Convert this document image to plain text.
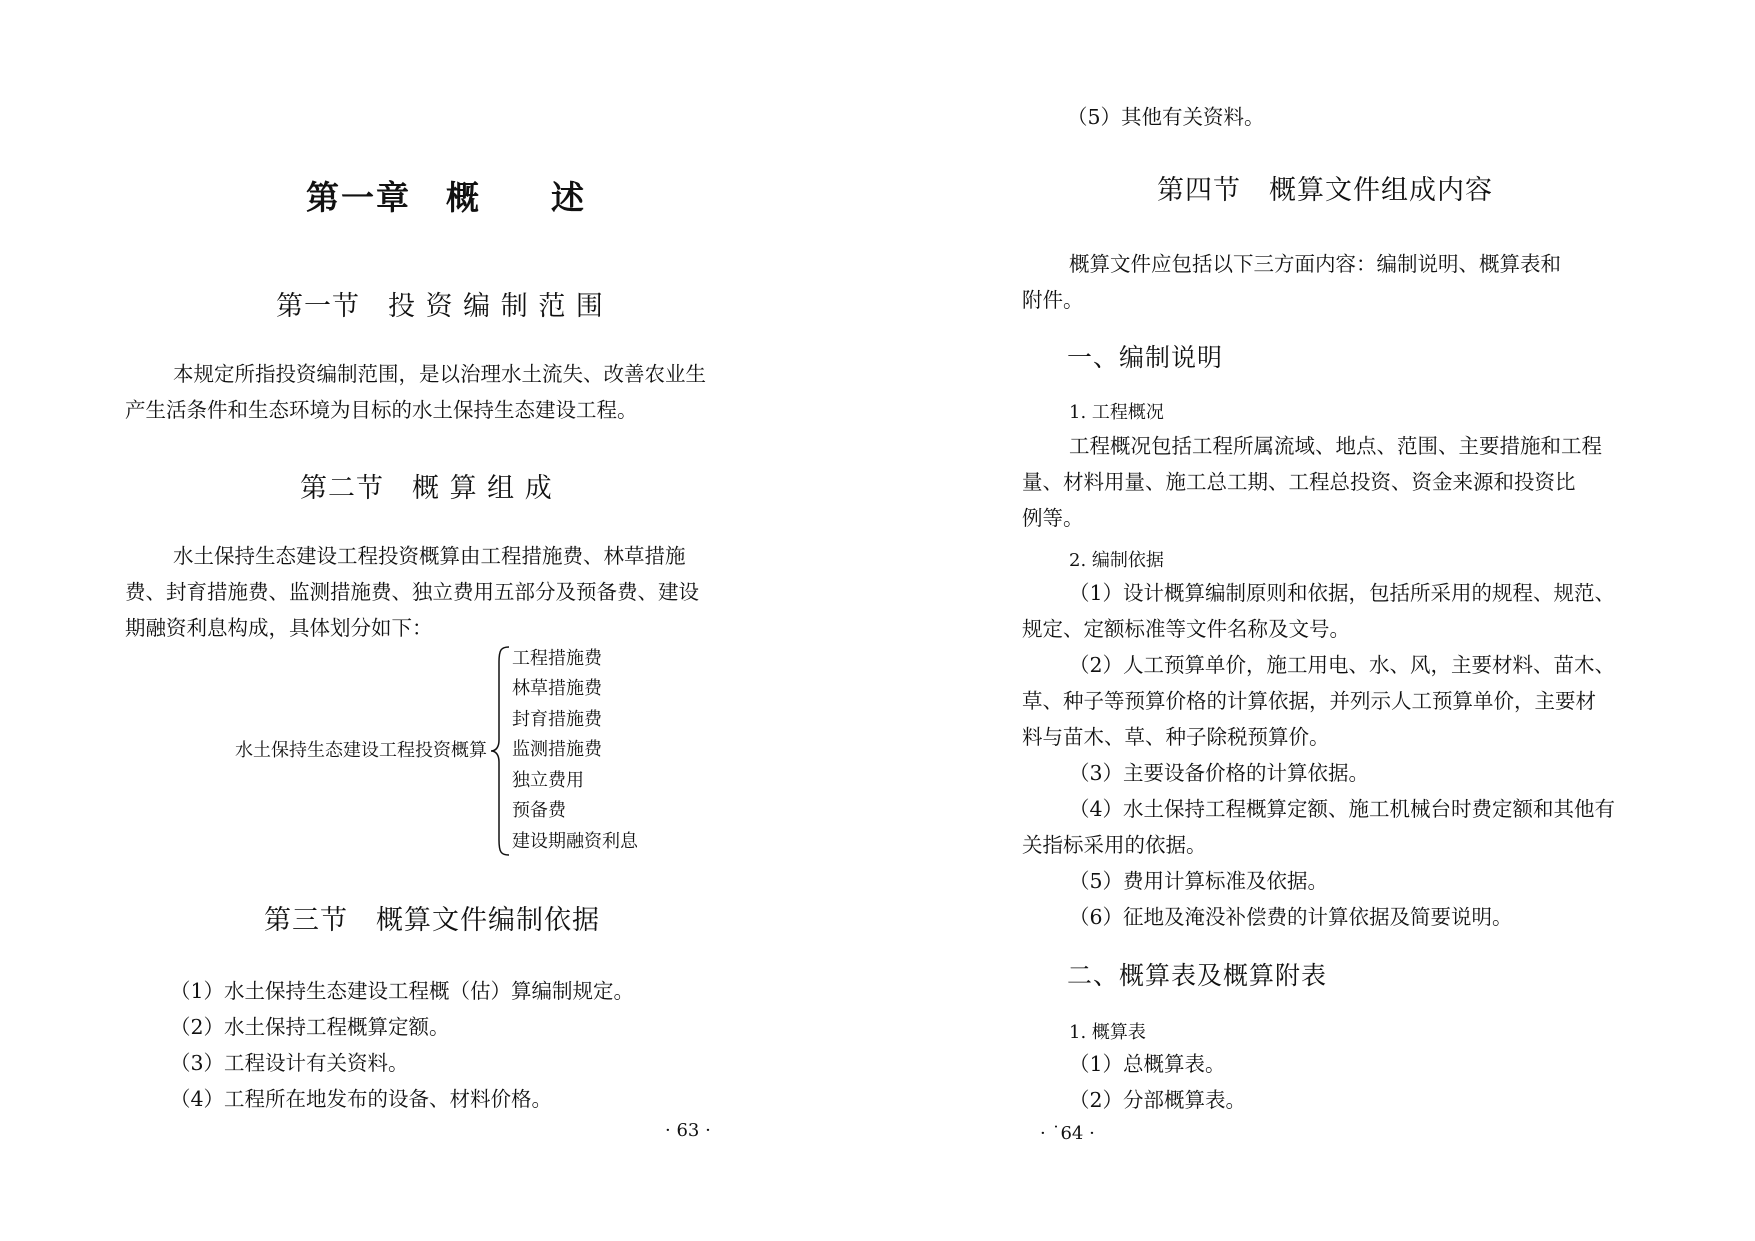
第一章　概　　述
第一节　投 资 编 制 范 围
本规定所指投资编制范围，是以治理水土流失、改善农业生
产生活条件和生态环境为目标的水土保持生态建设工程。
第二节　概 算 组 成
水土保持生态建设工程投资概算由工程措施费、林草措施
费、封育措施费、监测措施费、独立费用五部分及预备费、建设
期融资利息构成，具体划分如下：
水土保持生态建设工程投资概算
工程措施费
林草措施费
封育措施费
监测措施费
独立费用
预备费
建设期融资利息
第三节　概算文件编制依据
（1）水土保持生态建设工程概（估）算编制规定。
（2）水土保持工程概算定额。
（3）工程设计有关资料。
（4）工程所在地发布的设备、材料价格。
· 63 ·
（5）其他有关资料。
第四节　概算文件组成内容
概算文件应包括以下三方面内容：编制说明、概算表和
附件。
一、编制说明
1. 工程概况
工程概况包括工程所属流域、地点、范围、主要措施和工程
量、材料用量、施工总工期、工程总投资、资金来源和投资比
例等。
2. 编制依据
（1）设计概算编制原则和依据，包括所采用的规程、规范、
规定、定额标准等文件名称及文号。
（2）人工预算单价，施工用电、水、风，主要材料、苗木、
草、种子等预算价格的计算依据，并列示人工预算单价，主要材
料与苗木、草、种子除税预算价。
（3）主要设备价格的计算依据。
（4）水土保持工程概算定额、施工机械台时费定额和其他有
关指标采用的依据。
（5）费用计算标准及依据。
（6）征地及淹没补偿费的计算依据及简要说明。
二、概算表及概算附表
1. 概算表
（1）总概算表。
（2）分部概算表。
· ˙64 ·
